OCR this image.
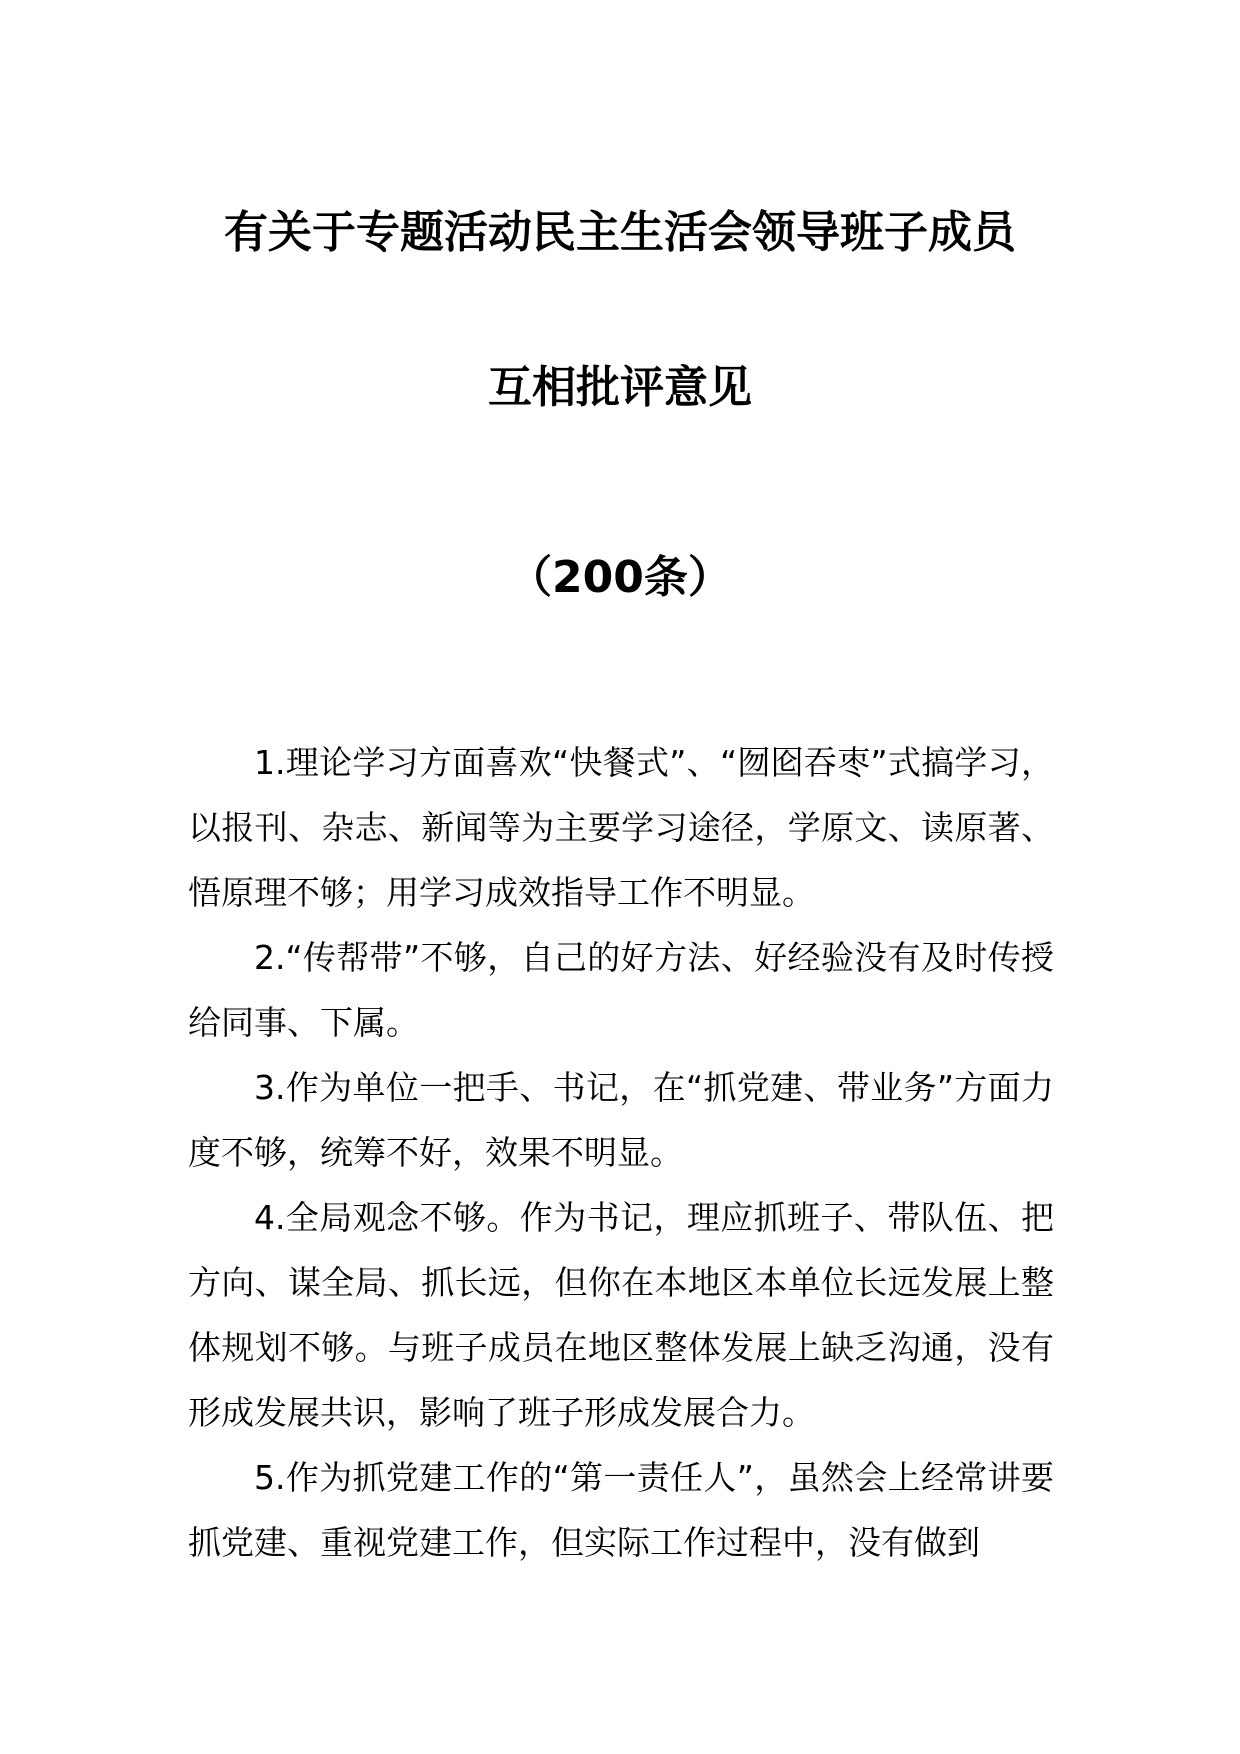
有关于专题活动民主生活会领导班子成员
互相批评意见
（200条）

1.理论学习方面喜欢“快餐式”、“囫囵吞枣”式搞学习，以报刊、杂志、新闻等为主要学习途径，学原文、读原著、悟原理不够；用学习成效指导工作不明显。

2.“传帮带”不够，自己的好方法、好经验没有及时传授给同事、下属。

3.作为单位一把手、书记，在“抓党建、带业务”方面力度不够，统筹不好，效果不明显。

4.全局观念不够。作为书记，理应抓班子、带队伍、把方向、谋全局、抓长远，但你在本地区本单位长远发展上整体规划不够。与班子成员在地区整体发展上缺乏沟通，没有形成发展共识，影响了班子形成发展合力。

5.作为抓党建工作的“第一责任人”，虽然会上经常讲要抓党建、重视党建工作，但实际工作过程中，没有做到
